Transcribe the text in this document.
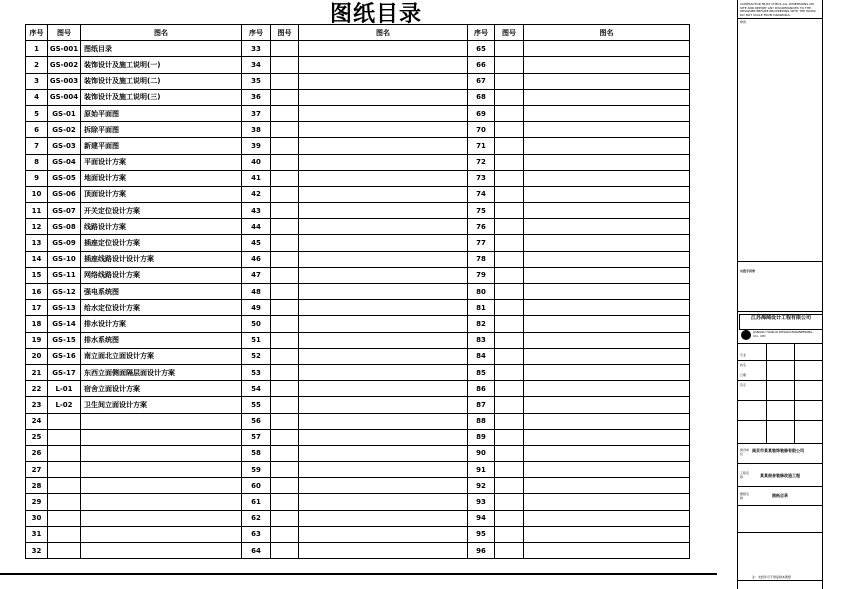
图纸目录
序号	图号	图名	序号	图号	图名	序号	图号	图名
1	GS-001	图纸目录	33			65		
2	GS-002	装饰设计及施工说明(一)	34			66		
3	GS-003	装饰设计及施工说明(二)	35			67		
4	GS-004	装饰设计及施工说明(三)	36			68		
5	GS-01	原始平面图	37			69		
6	GS-02	拆除平面图	38			70		
7	GS-03	新建平面图	39			71		
8	GS-04	平面设计方案	40			72		
9	GS-05	地面设计方案	41			73		
10	GS-06	顶面设计方案	42			74		
11	GS-07	开关定位设计方案	43			75		
12	GS-08	线路设计方案	44			76		
13	GS-09	插座定位设计方案	45			77		
14	GS-10	插座线路设计设计方案	46			78		
15	GS-11	网络线路设计方案	47			79		
16	GS-12	强电系统图	48			80		
17	GS-13	给水定位设计方案	49			81		
18	GS-14	排水设计方案	50			82		
19	GS-15	排水系统图	51			83		
20	GS-16	南立面北立面设计方案	52			84		
21	GS-17	东西立面侧面隔层面设计方案	53			85		
22	L-01	宿舍立面设计方案	54			86		
23	L-02	卫生间立面设计方案	55			87		
24			56			88		
25			57			89		
26			58			90		
27			59			91		
28			60			92		
29			61			93		
30			62			94		
31			63			95		
32			64			96		
CONTRACTOR MUST CHECK ALL DIMENSIONS ON SITE AND REPORT ANY DISCREPANCIES TO THE DESIGNER BEFORE PROCEEDING WITH THE WORK. DO NOT SCALE FROM DRAWINGS.
修改
出图专用章
江苏海阔设计工程有限公司
JIANGSU HAIKUO DESIGN ENGINEERING CO., LTD
专业
姓名
日期
签字
建设单位
南京市某某装饰装修有限公司
工程名称	某某宿舍装修改造工程
图纸名称	图纸目录
注：未经许可不得复制本图纸
